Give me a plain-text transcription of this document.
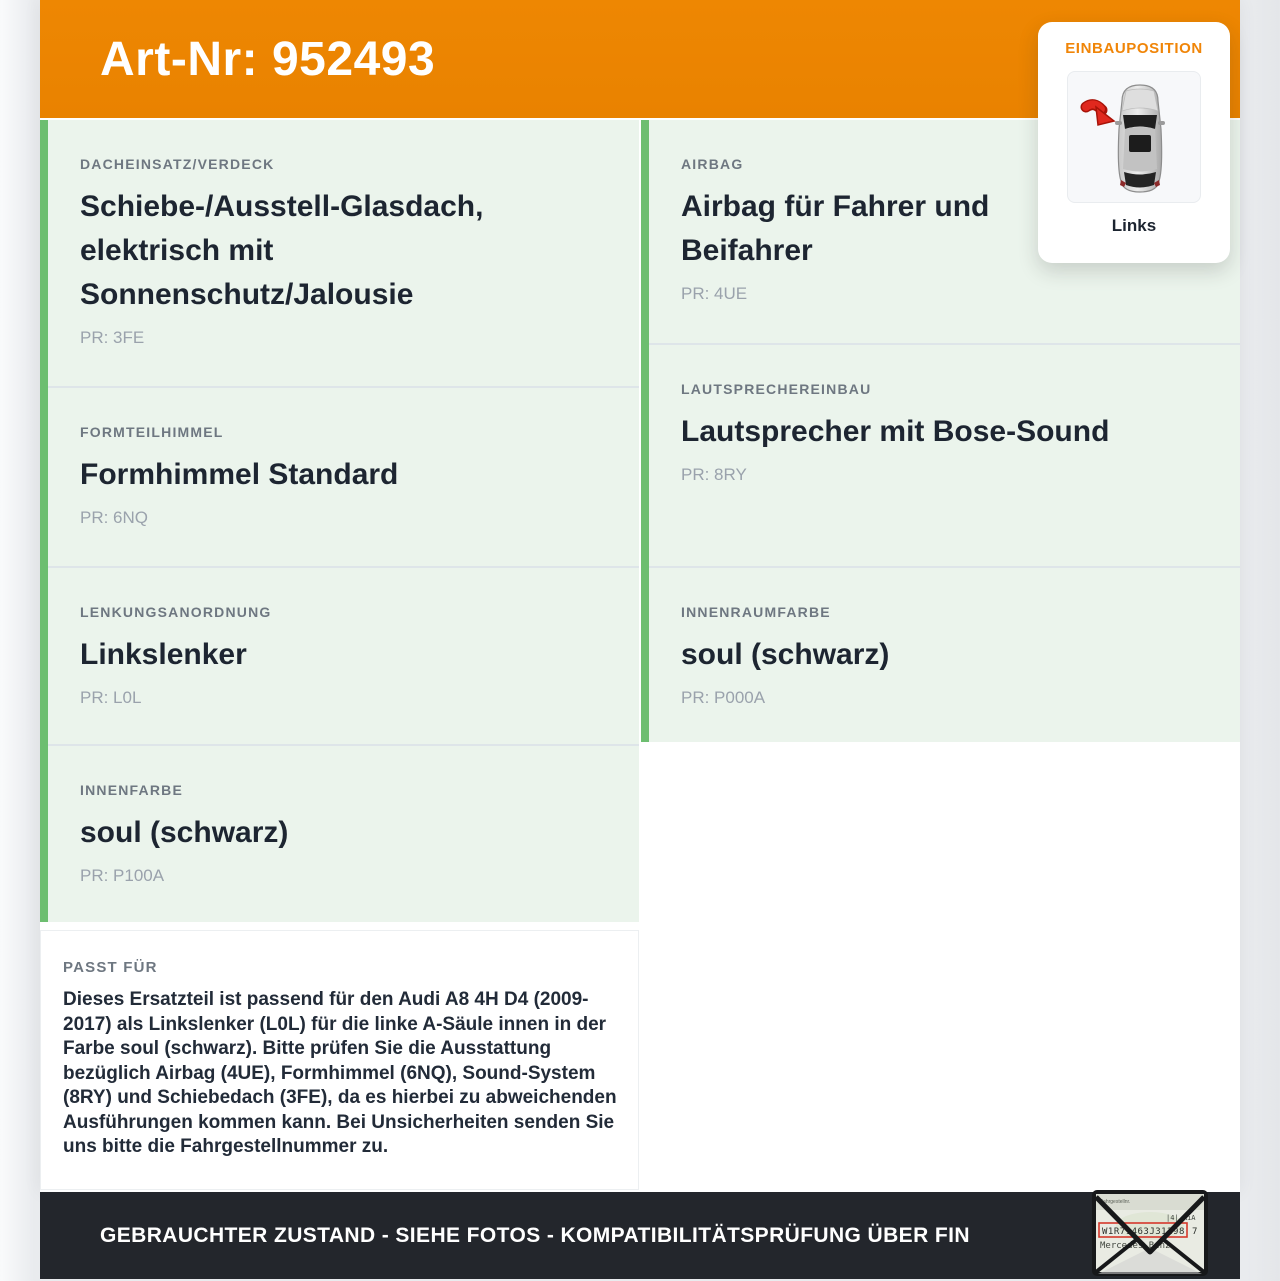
Art-Nr: 952493
DACHEINSATZ/VERDECK
Schiebe-/Ausstell-Glasdach, elektrisch mit Sonnenschutz/Jalousie
PR: 3FE
FORMTEILHIMMEL
Formhimmel Standard
PR: 6NQ
LENKUNGSANORDNUNG
Linkslenker
PR: L0L
INNENFARBE
soul (schwarz)
PR: P100A
AIRBAG
Airbag für Fahrer und Beifahrer
PR: 4UE
LAUTSPRECHEREINBAU
Lautsprecher mit Bose-Sound
PR: 8RY
INNENRAUMFARBE
soul (schwarz)
PR: P000A
PASST FÜR

Dieses Ersatzteil ist passend für den Audi A8 4H D4 (2009-2017) als Linkslenker (L0L) für die linke A-Säule innen in der Farbe soul (schwarz). Bitte prüfen Sie die Ausstattung bezüglich Airbag (4UE), Formhimmel (6NQ), Sound-System (8RY) und Schiebedach (3FE), da es hierbei zu abweichenden Ausführungen kommen kann. Bei Unsicherheiten senden Sie uns bitte die Fahrgestellnummer zu.

EINBAUPOSITION
Links
GEBRAUCHTER ZUSTAND - SIEHE FOTOS - KOMPATIBILITÄTSPRÜFUNG ÜBER FIN
Fahrgestellnr.
|4| AiA
W1R71463J31298 7
Mercedes-Benz
